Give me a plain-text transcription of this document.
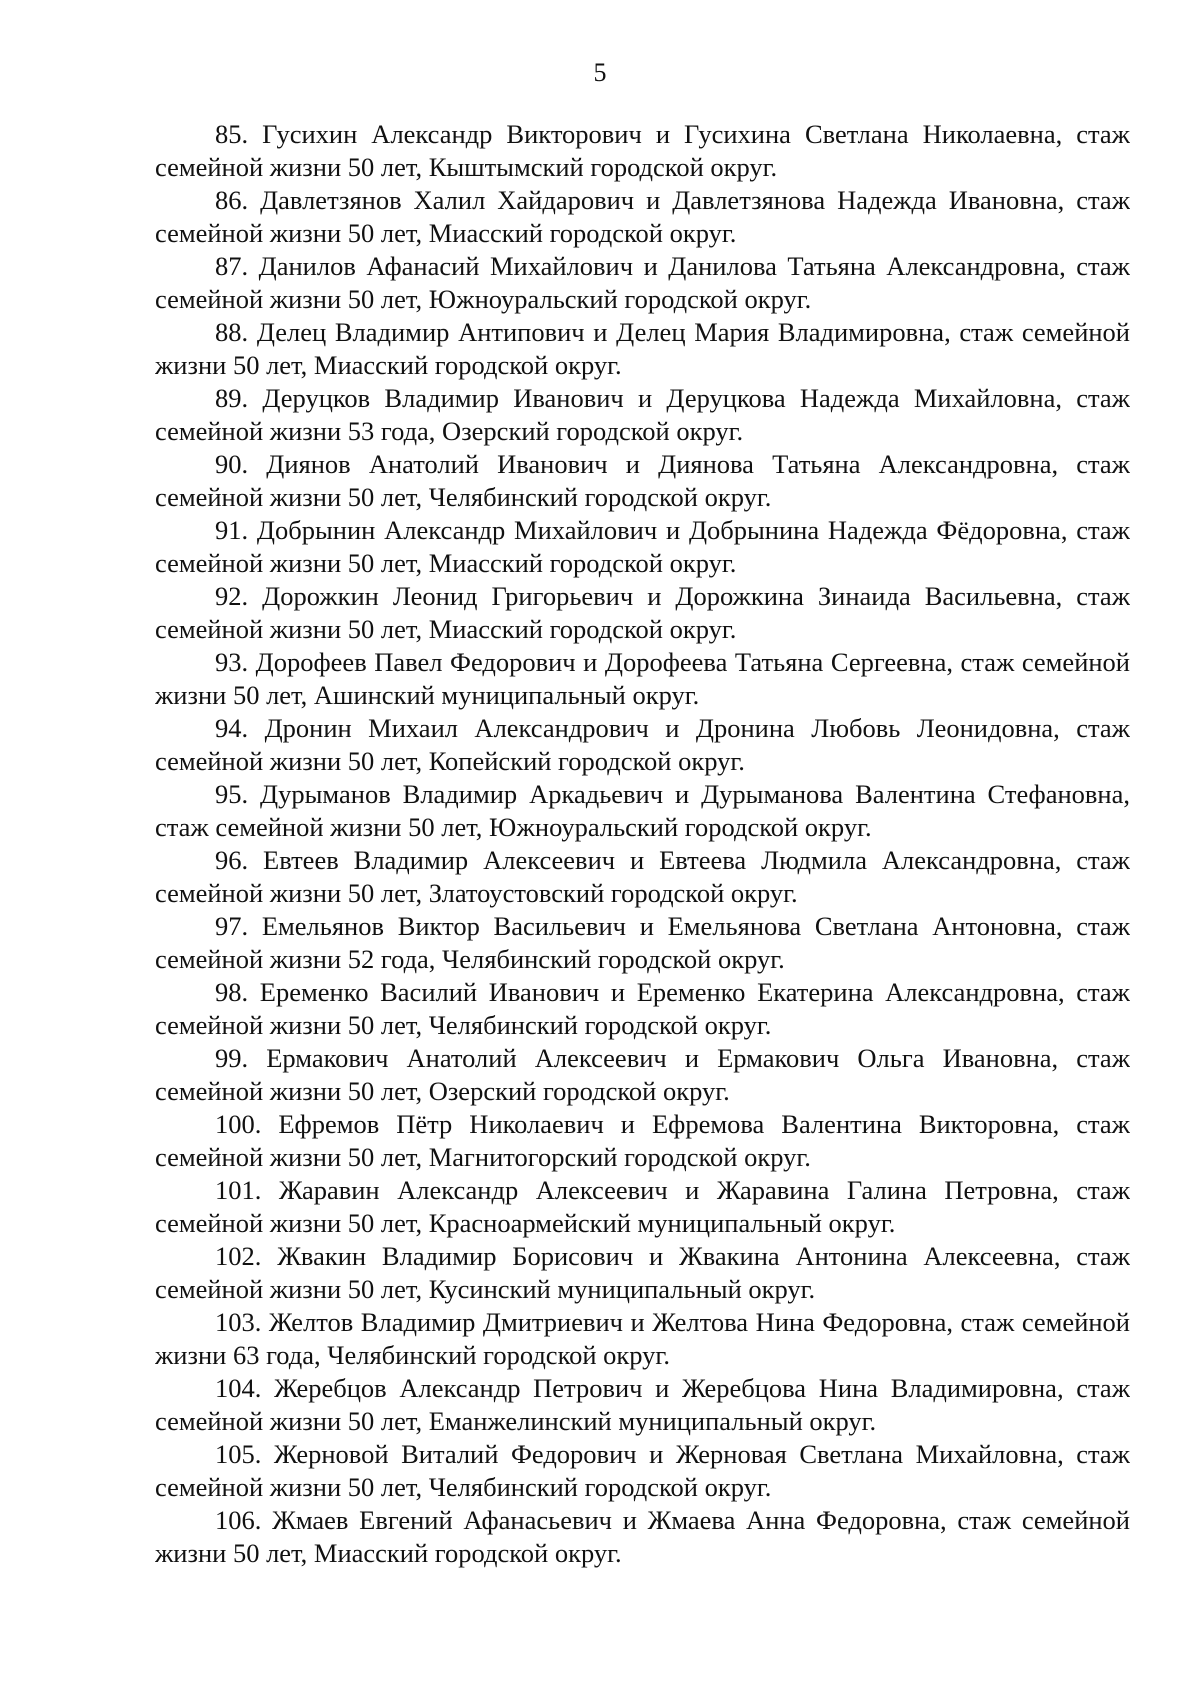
5

85. Гусихин Александр Викторович и Гусихина Светлана Николаевна, стаж семейной жизни 50 лет, Кыштымский городской округ.

86. Давлетзянов Халил Хайдарович и Давлетзянова Надежда Ивановна, стаж семейной жизни 50 лет, Миасский городской округ.

87. Данилов Афанасий Михайлович и Данилова Татьяна Александровна, стаж семейной жизни 50 лет, Южноуральский городской округ.

88. Делец Владимир Антипович и Делец Мария Владимировна, стаж семейной жизни 50 лет, Миасский городской округ.

89. Деруцков Владимир Иванович и Деруцкова Надежда Михайловна, стаж семейной жизни 53 года, Озерский городской округ.

90. Диянов Анатолий Иванович и Диянова Татьяна Александровна, стаж семейной жизни 50 лет, Челябинский городской округ.

91. Добрынин Александр Михайлович и Добрынина Надежда Фёдоровна, стаж семейной жизни 50 лет, Миасский городской округ.

92. Дорожкин Леонид Григорьевич и Дорожкина Зинаида Васильевна, стаж семейной жизни 50 лет, Миасский городской округ.

93. Дорофеев Павел Федорович и Дорофеева Татьяна Сергеевна, стаж семейной жизни 50 лет, Ашинский муниципальный округ.

94. Дронин Михаил Александрович и Дронина Любовь Леонидовна, стаж семейной жизни 50 лет, Копейский городской округ.

95. Дурыманов Владимир Аркадьевич и Дурыманова Валентина Стефановна, стаж семейной жизни 50 лет, Южноуральский городской округ.

96. Евтеев Владимир Алексеевич и Евтеева Людмила Александровна, стаж семейной жизни 50 лет, Златоустовский городской округ.

97. Емельянов Виктор Васильевич и Емельянова Светлана Антоновна, стаж семейной жизни 52 года, Челябинский городской округ.

98. Еременко Василий Иванович и Еременко Екатерина Александровна, стаж семейной жизни 50 лет, Челябинский городской округ.

99. Ермакович Анатолий Алексеевич и Ермакович Ольга Ивановна, стаж семейной жизни 50 лет, Озерский городской округ.

100. Ефремов Пётр Николаевич и Ефремова Валентина Викторовна, стаж семейной жизни 50 лет, Магнитогорский городской округ.

101. Жаравин Александр Алексеевич и Жаравина Галина Петровна, стаж семейной жизни 50 лет, Красноармейский муниципальный округ.

102. Жвакин Владимир Борисович и Жвакина Антонина Алексеевна, стаж семейной жизни 50 лет, Кусинский муниципальный округ.

103. Желтов Владимир Дмитриевич и Желтова Нина Федоровна, стаж семейной жизни 63 года, Челябинский городской округ.

104. Жеребцов Александр Петрович и Жеребцова Нина Владимировна, стаж семейной жизни 50 лет, Еманжелинский муниципальный округ.

105. Жерновой Виталий Федорович и Жерновая Светлана Михайловна, стаж семейной жизни 50 лет, Челябинский городской округ.

106. Жмаев Евгений Афанасьевич и Жмаева Анна Федоровна, стаж семейной жизни 50 лет, Миасский городской округ.
